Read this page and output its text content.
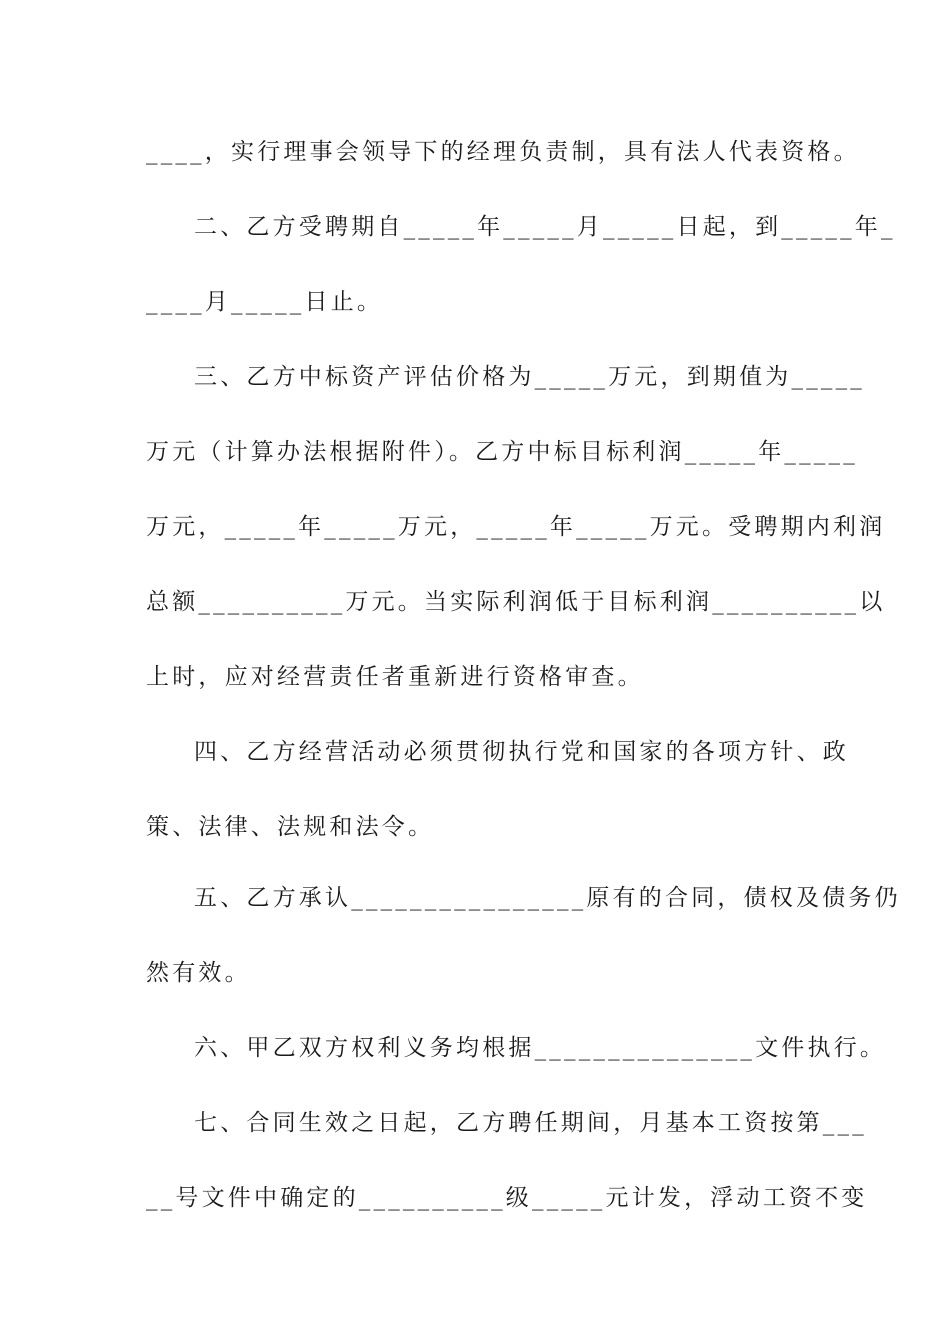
____，实行理事会领导下的经理负责制，具有法人代表资格。
二、乙方受聘期自_____年_____月_____日起，到_____年_
____月_____日止。
三、乙方中标资产评估价格为_____万元，到期值为_____
万元（计算办法根据附件）。乙方中标目标利润_____年_____
万元，_____年_____万元，_____年_____万元。受聘期内利润
总额__________万元。当实际利润低于目标利润__________以
上时，应对经营责任者重新进行资格审查。
四、乙方经营活动必须贯彻执行党和国家的各项方针、政
策、法律、法规和法令。
五、乙方承认________________原有的合同，债权及债务仍
然有效。
六、甲乙双方权利义务均根据_______________文件执行。
七、合同生效之日起，乙方聘任期间，月基本工资按第___
__号文件中确定的__________级_____元计发，浮动工资不变
